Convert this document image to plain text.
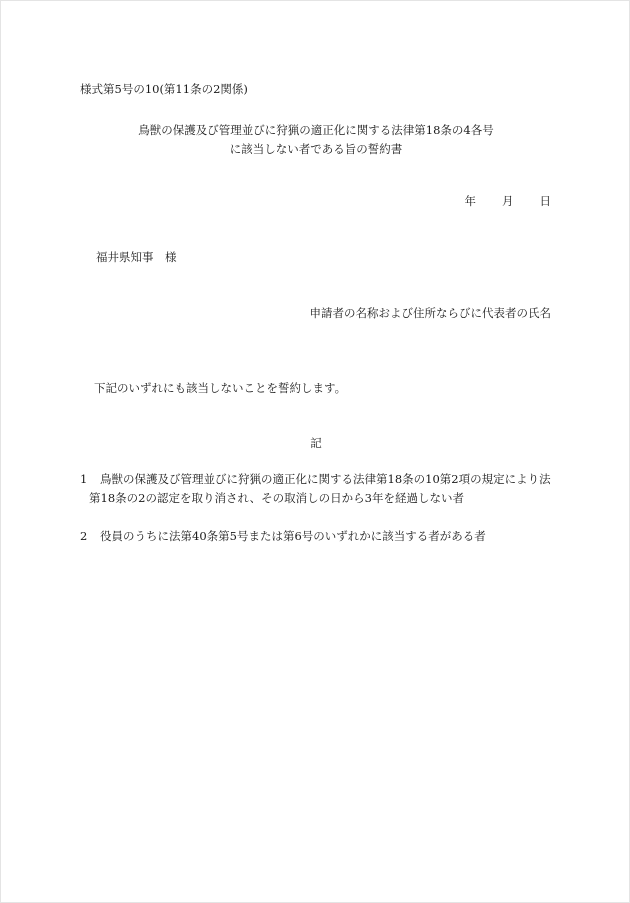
様式第5号の10(第11条の2関係)
鳥獣の保護及び管理並びに狩猟の適正化に関する法律第18条の4各号
に該当しない者である旨の誓約書
年 月 日
福井県知事　様
申請者の名称および住所ならびに代表者の氏名
下記のいずれにも該当しないことを誓約します。
記
1 鳥獣の保護及び管理並びに狩猟の適正化に関する法律第18条の10第2項の規定により法
第18条の2の認定を取り消され、その取消しの日から3年を経過しない者
2 役員のうちに法第40条第5号または第6号のいずれかに該当する者がある者
